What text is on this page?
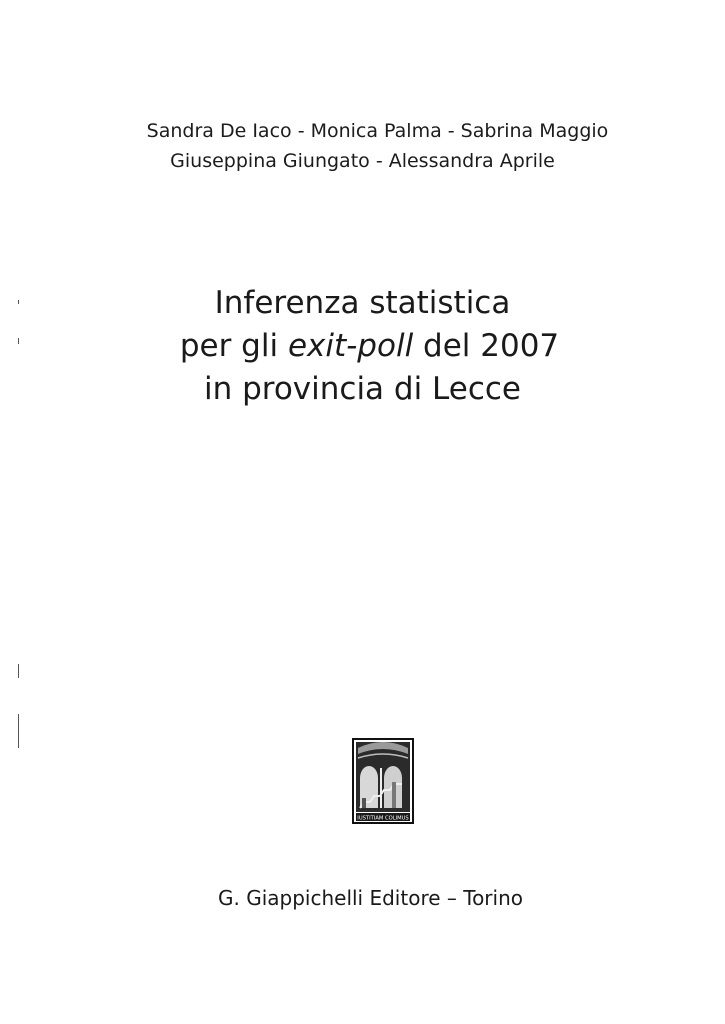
Sandra De Iaco - Monica Palma - Sabrina Maggio
Giuseppina Giungato - Alessandra Aprile
Inferenza statistica
per gli exit-poll del 2007
in provincia di Lecce
IUSTITIAM COLIMUS
G. Giappichelli Editore – Torino
